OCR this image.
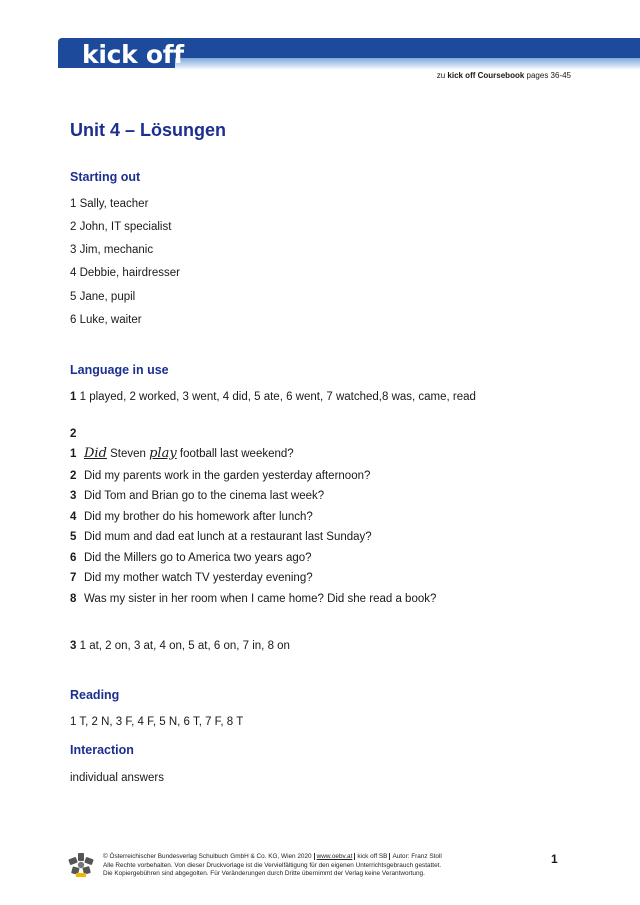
kick off
zu kick off Coursebook pages 36-45
Unit 4 – Lösungen
Starting out
1 Sally, teacher
2 John, IT specialist
3 Jim, mechanic
4 Debbie, hairdresser
5 Jane, pupil
6 Luke, waiter
Language in use
1 1 played, 2 worked, 3 went, 4 did, 5 ate, 6 went, 7 watched,8 was, came, read
2
1 Did Steven play football last weekend?
2 Did my parents work in the garden yesterday afternoon?
3 Did Tom and Brian go to the cinema last week?
4 Did my brother do his homework after lunch?
5 Did mum and dad eat lunch at a restaurant last Sunday?
6 Did the Millers go to America two years ago?
7 Did my mother watch TV yesterday evening?
8 Was my sister in her room when I came home? Did she read a book?
3 1 at, 2 on, 3 at, 4 on, 5 at, 6 on, 7 in, 8 on
Reading
1 T, 2 N, 3 F, 4 F, 5 N, 6 T, 7 F, 8 T
Interaction
individual answers
© Österreichischer Bundesverlag Schulbuch GmbH & Co. KG, Wien 2020 www.oebv.at kick off SB Autor: Franz Stoll
Alle Rechte vorbehalten. Von dieser Druckvorlage ist die Vervielfältigung für den eigenen Unterrichtsgebrauch gestattet.
Die Kopiergebühren sind abgegolten. Für Veränderungen durch Dritte übernimmt der Verlag keine Verantwortung.
1
